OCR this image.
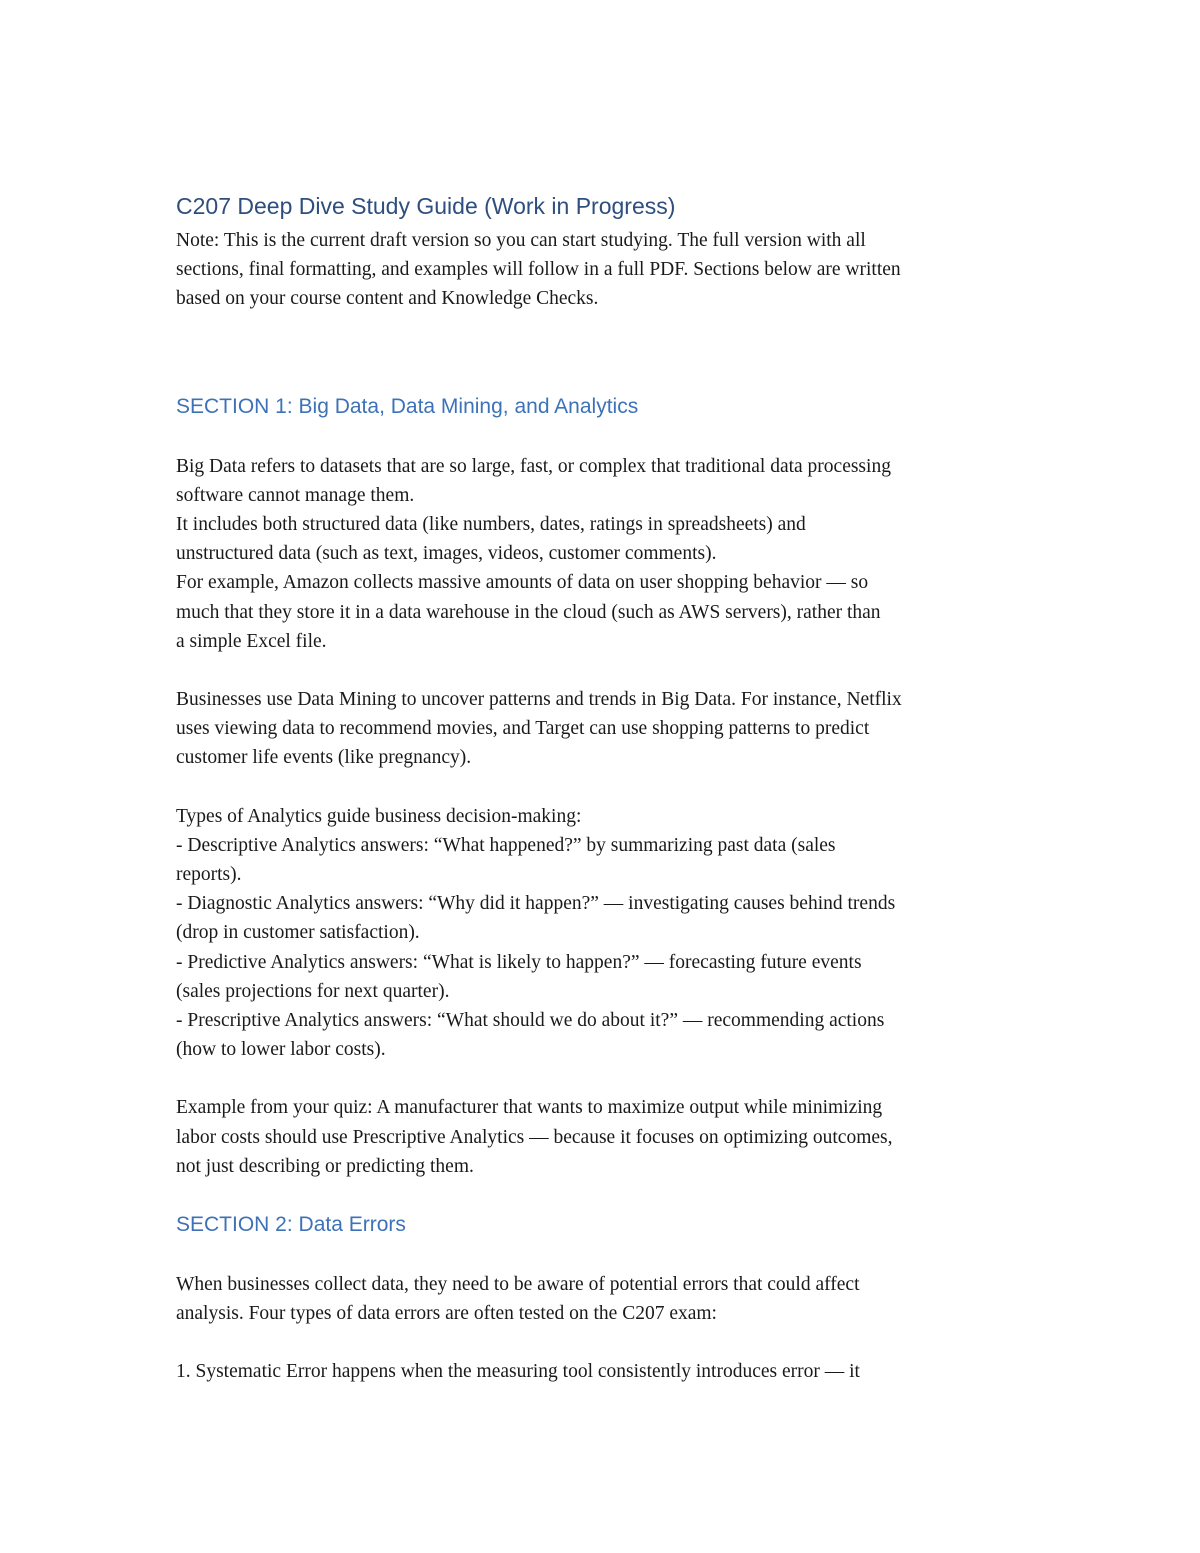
C207 Deep Dive Study Guide (Work in Progress)

Note: This is the current draft version so you can start studying. The full version with all
sections, final formatting, and examples will follow in a full PDF. Sections below are written
based on your course content and Knowledge Checks.

SECTION 1: Big Data, Data Mining, and Analytics

Big Data refers to datasets that are so large, fast, or complex that traditional data processing
software cannot manage them.
It includes both structured data (like numbers, dates, ratings in spreadsheets) and
unstructured data (such as text, images, videos, customer comments).
For example, Amazon collects massive amounts of data on user shopping behavior — so
much that they store it in a data warehouse in the cloud (such as AWS servers), rather than
a simple Excel file.

Businesses use Data Mining to uncover patterns and trends in Big Data. For instance, Netflix
uses viewing data to recommend movies, and Target can use shopping patterns to predict
customer life events (like pregnancy).

Types of Analytics guide business decision-making:
- Descriptive Analytics answers: “What happened?” by summarizing past data (sales
reports).
- Diagnostic Analytics answers: “Why did it happen?” — investigating causes behind trends
(drop in customer satisfaction).
- Predictive Analytics answers: “What is likely to happen?” — forecasting future events
(sales projections for next quarter).
- Prescriptive Analytics answers: “What should we do about it?” — recommending actions
(how to lower labor costs).

Example from your quiz: A manufacturer that wants to maximize output while minimizing
labor costs should use Prescriptive Analytics — because it focuses on optimizing outcomes,
not just describing or predicting them.

SECTION 2: Data Errors

When businesses collect data, they need to be aware of potential errors that could affect
analysis. Four types of data errors are often tested on the C207 exam:

1. Systematic Error happens when the measuring tool consistently introduces error — it
